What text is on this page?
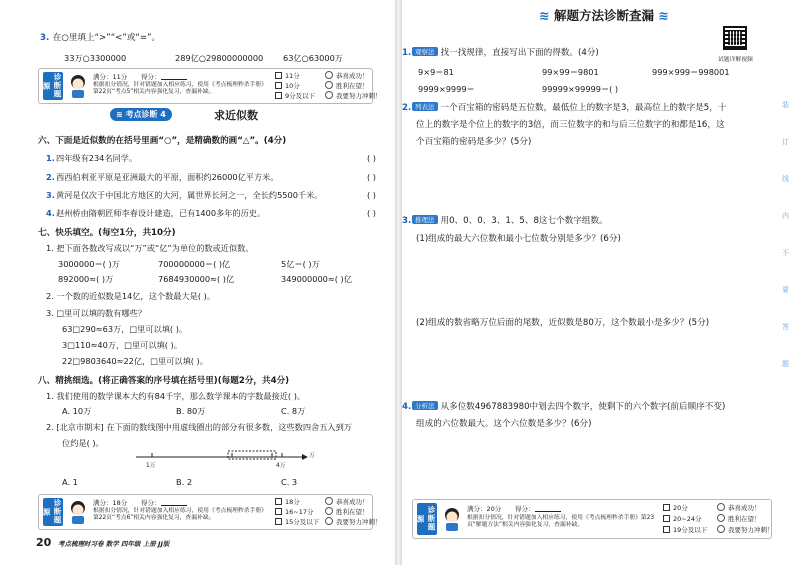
3. 在○里填上“>”“<”或“=”。
33万○3300000	289亿○29800000000 63亿○63000万
诊断题源
满分：11分 得分：
根据扣分情况，针对错题加入相应练习，使用《考点梳理秒杀手册》第22页“考点5”相关内容强化复习，查漏补缺。
11分
10分
9分及以下
恭喜成功！
胜利在望！
我要努力冲刺！
≋ 考点诊断 4	求近似数
六、下面是近似数的在括号里画“○”，是精确数的画“△”。(4分)
1.四年级有234名同学。	( )
2.西西伯利亚平原是亚洲最大的平原，面积约26000亿平方米。	( )
3.黄河是仅次于中国北方地区的大河，属世界长河之一，全长约5500千米。	( )
4.赵州桥由隋朝匠师李春设计建造，已有1400多年的历史。	( )
七、快乐填空。(每空1分，共10分)
1. 把下面各数改写成以“万”或“亿”为单位的数或近似数。
3000000＝( )万	700000000＝( )亿	5亿＝( )万
892000≈( )万	7684930000≈( )亿	349000000≈( )亿
2. 一个数的近似数是14亿，这个数最大是( )。
3. □里可以填的数有哪些？
63□290≈63万，□里可以填( )。
3□110≈40万，□里可以填( )。
22□9803640≈22亿，□里可以填( )。
八、精挑细选。(将正确答案的序号填在括号里)(每题2分，共4分)
1. 我们使用的数学课本大约有84千字，那么数学课本的字数最接近( )。
A. 10万	B. 80万	C. 8万
2. [北京市期末] 在下面的数线图中用虚线圈出的部分有很多数，这些数四舍五入到万
位约是( )。
万
1万	4万
A. 1	B. 2	C. 3
诊断题源
满分：18分 得分：
根据扣分情况，针对错题加入相应练习，使用《考点梳理秒杀手册》第22页“考点6”相关内容强化复习，查漏补缺。
18分
16~17分
15分及以下
恭喜成功！
胜利在望！
我要努力冲刺！
20 考点梳理时习卷 数学 四年级 上册 JJ版
≋ 解题方法诊断查漏 ≋
试题详解视频
1. 观察法 找一找规律，直接写出下面的得数。(4分)
9×9＝81	99×99＝9801	999×999＝998001
9999×9999＝	99999×99999＝( )
2. 列表法 一个百宝箱的密码是五位数，最低位上的数字是3，最高位上的数字是5，十
位上的数字是个位上的数字的3倍，而三位数字的和与后三位数字的和都是16，这
个百宝箱的密码是多少？(5分)
3. 推理法 用0、0、0、3、1、5、8这七个数字组数。
(1)组成的最大六位数和最小七位数分别是多少？(6分)
(2)组成的数省略万位后面的尾数，近似数是80万，这个数最小是多少？(5分)
4. 分析法 从多位数4967883980中划去四个数字，使剩下的六个数字(前后顺序不变)
组成的六位数最大。这个六位数是多少？(6分)
装
订
线
内
不
要
答
题
诊断题源
满分：20分 得分：
根据扣分情况，针对错题加入相应练习，使用《考点梳理秒杀手册》第23页“解题方法”相关内容强化复习，查漏补缺。
20分
20~24分
19分及以下
恭喜成功！
胜利在望！
我要努力冲刺！
